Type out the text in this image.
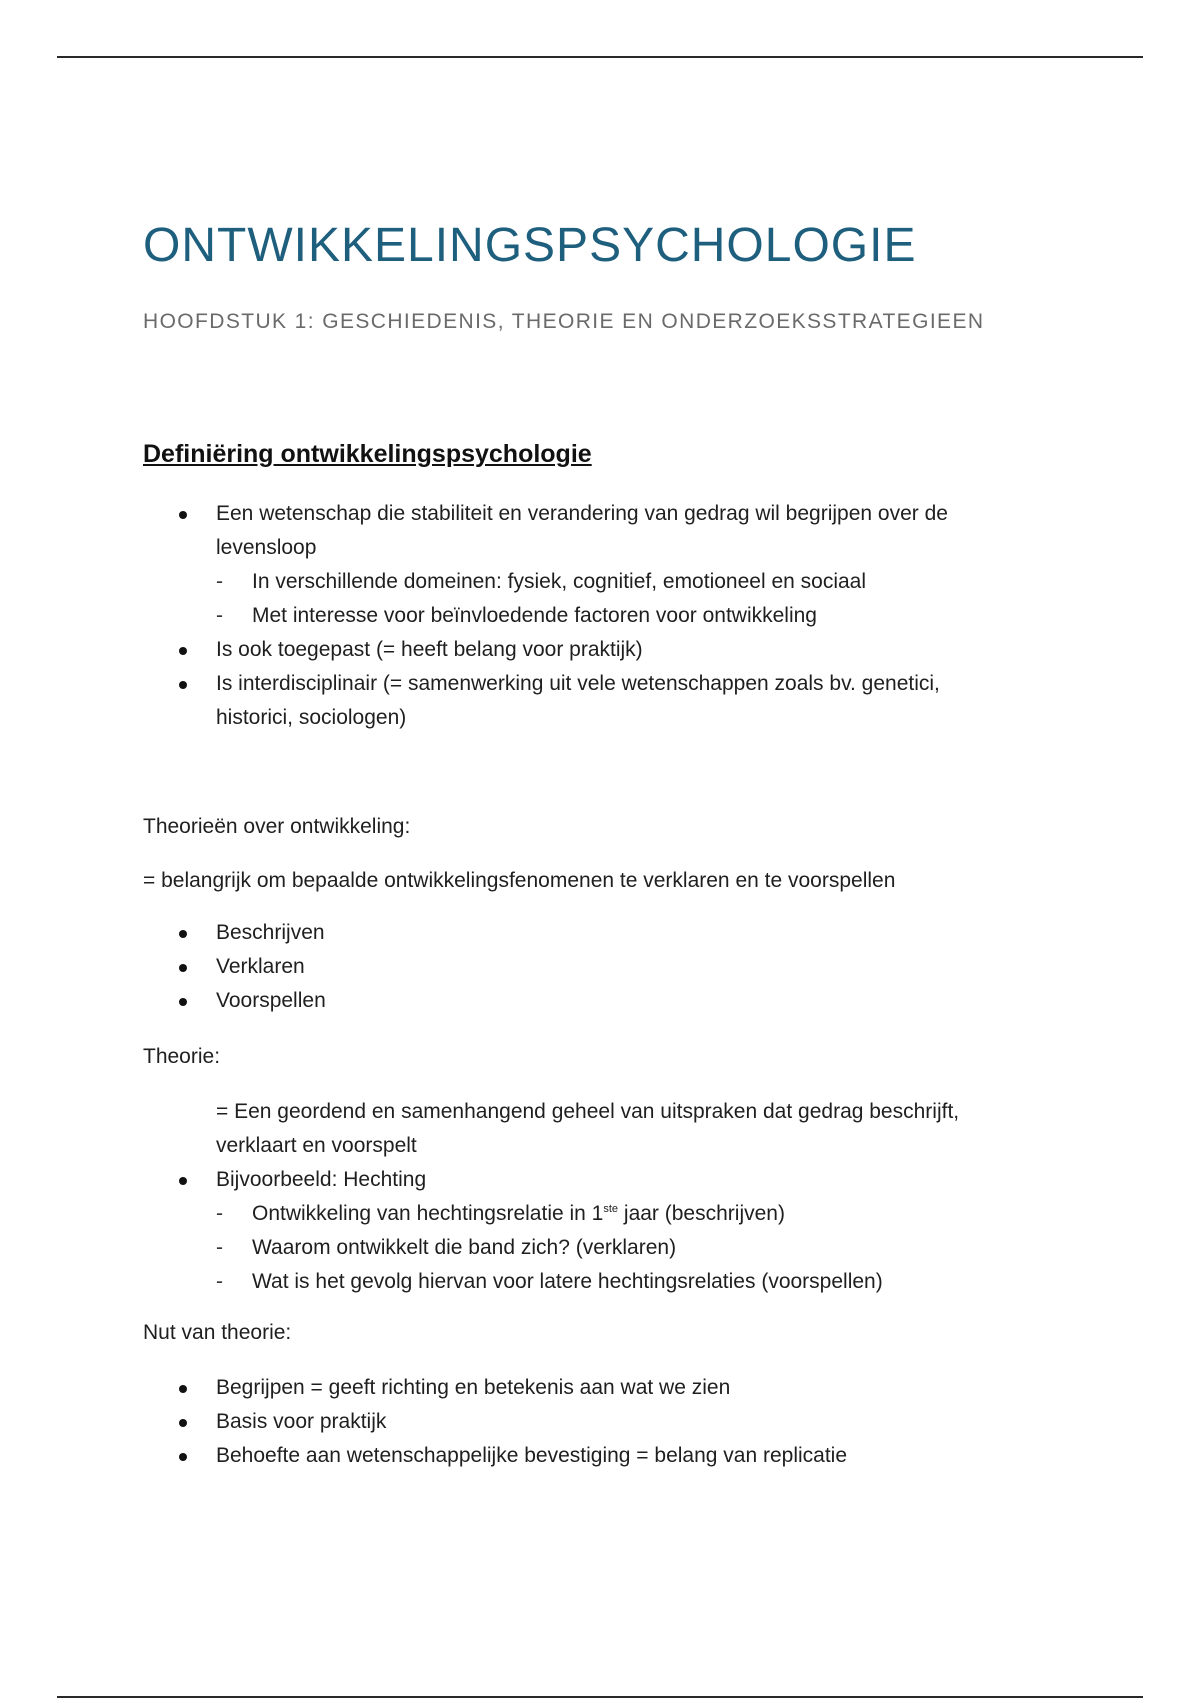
ONTWIKKELINGSPSYCHOLOGIE

HOOFDSTUK 1: GESCHIEDENIS, THEORIE EN ONDERZOEKSSTRATEGIEEN

Definiëring ontwikkelingspsychologie
Een wetenschap die stabiliteit en verandering van gedrag wil begrijpen over de
levensloop
- In verschillende domeinen: fysiek, cognitief, emotioneel en sociaal
- Met interesse voor beïnvloedende factoren voor ontwikkeling
Is ook toegepast (= heeft belang voor praktijk)
Is interdisciplinair (= samenwerking uit vele wetenschappen zoals bv. genetici,
historici, sociologen)
Theorieën over ontwikkeling:
= belangrijk om bepaalde ontwikkelingsfenomenen te verklaren en te voorspellen
Beschrijven
Verklaren
Voorspellen
Theorie:
= Een geordend en samenhangend geheel van uitspraken dat gedrag beschrijft,
verklaart en voorspelt
Bijvoorbeeld: Hechting
- Ontwikkeling van hechtingsrelatie in 1ste jaar (beschrijven)
- Waarom ontwikkelt die band zich? (verklaren)
- Wat is het gevolg hiervan voor latere hechtingsrelaties (voorspellen)
Nut van theorie:
Begrijpen = geeft richting en betekenis aan wat we zien
Basis voor praktijk
Behoefte aan wetenschappelijke bevestiging = belang van replicatie
